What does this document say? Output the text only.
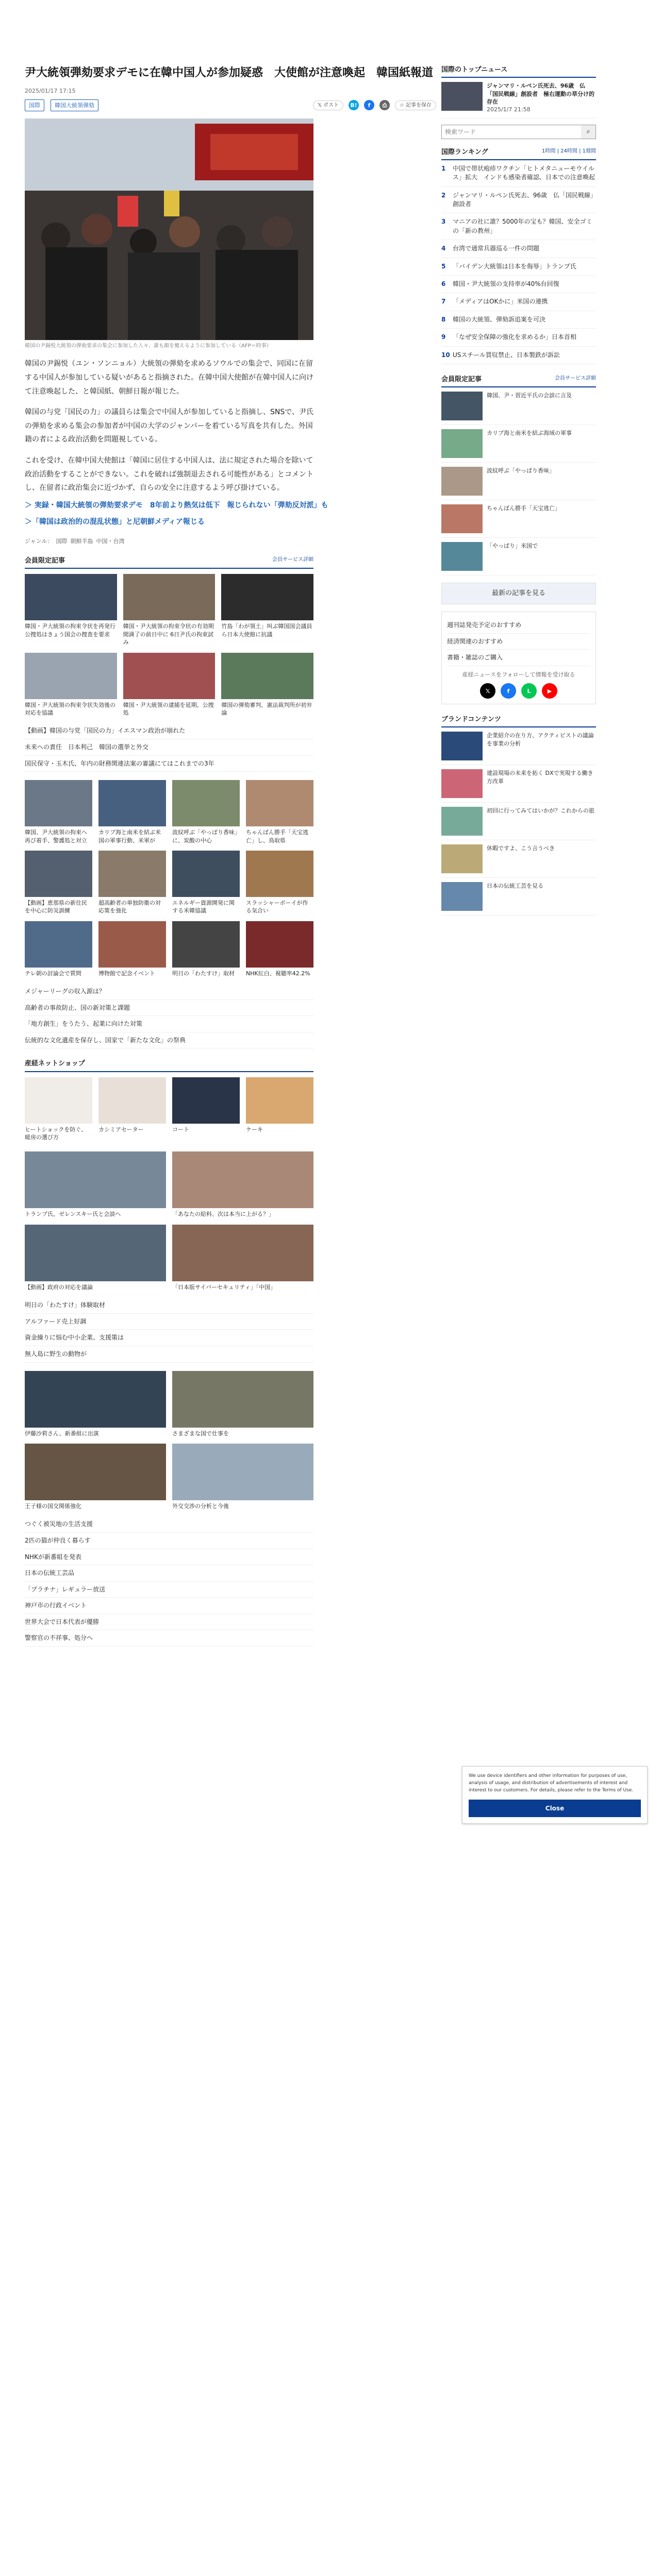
尹大統領弾劾要求デモに在韓中国人が参加疑惑　大使館が注意喚起　韓国紙報道
2025/01/17 17:15
国際	韓国大統領弾劾	𝕏 ポスト B!	f	⎙	☆ 記事を保存
韓国の尹錫悦大統領の弾劾要求の集会に参加した人々、誰も顔を覆えるように参加している（AFP＝時事）

韓国の尹錫悦（ユン・ソンニョル）大統領の弾劾を求めるソウルでの集会で、同国に在留する中国人が参加している疑いがあると指摘された。在韓中国大使館が在韓中国人に向けて注意喚起した、と韓国紙、朝鮮日報が報じた。

韓国の与党「国民の力」の議員らは集会で中国人が参加していると指摘し、SNSで、尹氏の弾劾を求める集会の参加者が中国の大学のジャンパーを着ている写真を共有した。外国籍の者による政治活動を問題視している。

これを受け、在韓中国大使館は「韓国に居住する中国人は、法に規定された場合を除いて政治活動をすることができない。これを破れば強制退去される可能性がある」とコメントし、在留者に政治集会に近づかず、自らの安全に注意するよう呼び掛けている。

＞ 実録・韓国大統領の弾劾要求デモ　8年前より熱気は低下　報じられない「弾劾反対派」も
＞「韓国は政治的の混乱状態」と尼朝鮮メディア報じる
ジャンル： 国際 朝鮮半島 中国・台湾
会員限定記事	会員サービス詳細
韓国・尹大統領の拘束令状を再発行　公捜処はきょう国会の捜査を要求
韓国・尹大統領の拘束令状の有効期間満了の前日中に 6日尹氏の拘束試み
竹島「わが領土」叫ぶ韓国国会議員ら日本大使館に抗議
韓国・尹大統領の拘束令状失効後の対応を協議
韓国・尹大統領の逮捕を延期、公捜処
韓国の弾劾審判、憲法裁判所が初弁論
【動画】韓国の与党「国民の力」イエスマン政治が崩れた
未来への責任　日本利己　韓国の選挙と外交
国民保守・玉木氏、年内の財務関連法案の審議にてはこれまでの3年
韓国、尹大統領の拘束へ再び着手、警護処と対立
カリブ海と南米を結ぶ米国の軍事行動、米軍が
波紋呼ぶ「やっぱり香味」に、炭酸の中心
ちゃんばん勝手「天宝逃亡」し、鳥取県
【動画】恵那県の新住民を中心に防災訓練
超高齢者の単独防衛の対応策を強化
エネルギー資源開発に関する米韓協議
スラッシャーボーイが作る気合い
テレ朝の討論会で質問	博物館で記念イベント	明日の「わたすけ」取材	NHK紅白、視聴率42.2%
メジャーリーグの収入源は？
高齢者の事故防止、国の新対策と課題
「地方創生」をうたう、起業に向けた対策
伝統的な文化遺産を保存し、国家で「新たな文化」の祭典
産経ネットショップ
ヒートショックを防ぐ、暖房の選び方
カシミアセーター	コート	ケーキ
トランプ氏、ゼレンスキー氏と会談へ	「あなたの給料、次は本当に上がる？」
【動画】政府の対応を議論	「日本版サイバーセキュリティ」「中国」
明日の「わたすけ」体験取材
アルファード売上好調
資金繰りに悩む中小企業、支援策は
無人島に野生の動物が
伊藤沙莉さん、新番組に出演	さまざまな国で仕事を
王子様の国交関係強化	外交交渉の分析と今後
つぐく被災地の生活支援
2匹の猫が仲良く暮らす
NHKが新番組を発表
日本の伝統工芸品
「プラチナ」レギュラー放送
神戸市の行政イベント
世界大会で日本代表が優勝
警察官の不祥事、処分へ
国際のトップニュース
ジャンマリ・ルペン氏死去、96歳　仏「国民戦線」創設者　極右運動の草分け的存在
2025/1/7 21:58
検索ワード
⌕
国際ランキング	1時間 | 24時間 | 1週間
1	中国で帯状疱疹ワクチン「ヒトメタニューモウイルス」拡大　インドも感染者確認、日本での注意喚起
2	ジャンマリ・ルペン氏死去、96歳　仏「国民戦線」創設者
3	マニアの社に誰？5000年の宝も？韓国、安全ゴミの「新の教州」
4	台湾で通常兵器巡る一件の問題
5	「バイデン大統領は日本を侮辱」トランプ氏
6	韓国・尹大統領の支持率が40%台回復
7	「メディアはOKかに」米国の連携
8	韓国の大統領、弾劾訴追案を可決
9	「なぜ安全保障の強化を求めるか」日本首相
10 USスチール買収禁止、日本製鉄が訴訟
会員限定記事	会員サービス詳細
韓国、尹・習近平氏の会談に言及
カリブ海と南米を結ぶ海域の軍事
波紋呼ぶ「やっぱり香味」
ちゃんばん勝手「天宝逃亡」
「やっぱり」米国で
最新の記事を見る
週刊誌発売予定のおすすめ
経済関連のおすすめ
書籍・雑誌のご購入
産経ニュースをフォローして情報を受け取る
𝕏	f	L	▶
ブランドコンテンツ
企業紹介の在り方、アクティビストの議論を事業の分析
建設現場の未来を拓く DXで実現する働き方改革
初回に行ってみてはいかが？これからの旅
休暇ですよ、こう言うべき
日本の伝統工芸を見る
We use device identifiers and other information for purposes of use, analysis of usage, and distribution of advertisements of interest and interest to our customers. For details, please refer to the Terms of Use.
Close
